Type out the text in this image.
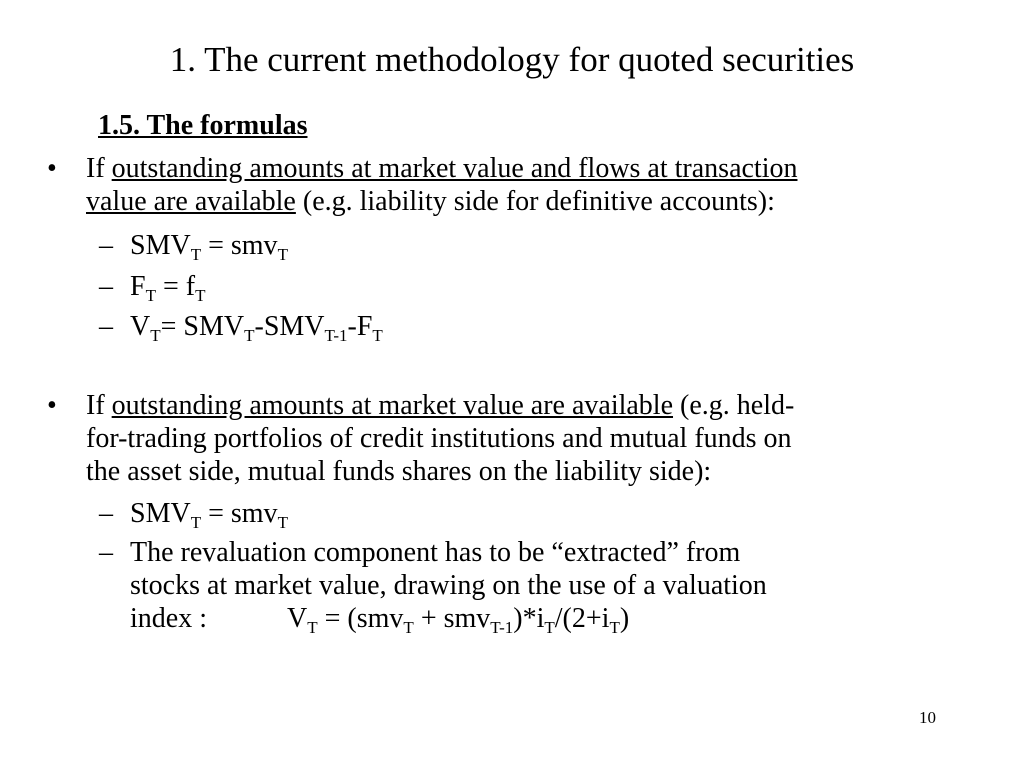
1. The current methodology for quoted securities
1.5. The formulas
• If outstanding amounts at market value and flows at transaction
value are available (e.g. liability side for definitive accounts):
– $SMV_T = smv_T$
– $F_T = f_T$
– $V_T= SMV_T-SMV_{T-1}-F_T$
• If outstanding amounts at market value are available (e.g. held-
for-trading portfolios of credit institutions and mutual funds on
the asset side, mutual funds shares on the liability side):
– $SMV_T = smv_T$
– The revaluation component has to be “extracted” from
stocks at market value, drawing on the use of a valuation
index :	$V_T = (smv_T + smv_{T-1})*i_T/(2+i_T)$
10
